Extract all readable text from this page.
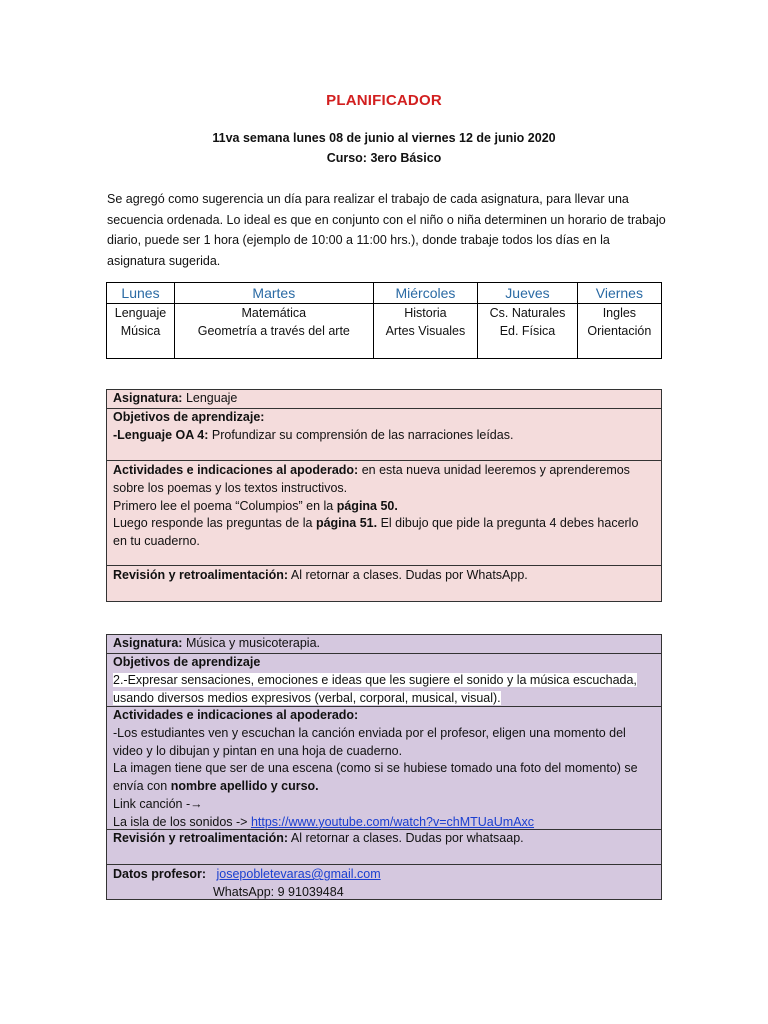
PLANIFICADOR
11va semana lunes 08 de junio al viernes 12 de junio 2020
Curso: 3ero Básico

Se agregó como sugerencia un día para realizar el trabajo de cada asignatura, para llevar una secuencia ordenada. Lo ideal es que en conjunto con el niño o niña determinen un horario de trabajo diario, puede ser 1 hora (ejemplo de 10:00 a 11:00 hrs.), donde trabaje todos los días en la asignatura sugerida.

Lunes	Martes	Miércoles	Jueves	Viernes
Lenguaje	Matemática	Historia	Cs. Naturales	Ingles
Música	Geometría a través del arte	Artes Visuales	Ed. Física	Orientación
Asignatura: Lenguaje
Objetivos de aprendizaje:
-Lenguaje OA 4: Profundizar su comprensión de las narraciones leídas.
Actividades e indicaciones al apoderado: en esta nueva unidad leeremos y aprenderemos sobre los poemas y los textos instructivos.
Primero lee el poema “Columpios” en la página 50.
Luego responde las preguntas de la página 51. El dibujo que pide la pregunta 4 debes hacerlo en tu cuaderno.
Revisión y retroalimentación: Al retornar a clases. Dudas por WhatsApp.
Asignatura: Música y musicoterapia.
Objetivos de aprendizaje
2.-Expresar sensaciones, emociones e ideas que les sugiere el sonido y la música escuchada, usando diversos medios expresivos (verbal, corporal, musical, visual).
Actividades e indicaciones al apoderado:
-Los estudiantes ven y escuchan la canción enviada por el profesor, eligen una momento del video y lo dibujan y pintan en una hoja de cuaderno.
La imagen tiene que ser de una escena (como si se hubiese tomado una foto del momento) se envía con nombre apellido y curso.
Link canción -→
La isla de los sonidos -> https://www.youtube.com/watch?v=chMTUaUmAxc
Revisión y retroalimentación: Al retornar a clases. Dudas por whatsaap.
Datos profesor: josepobletevaras@gmail.com
WhatsApp: 9 91039484
